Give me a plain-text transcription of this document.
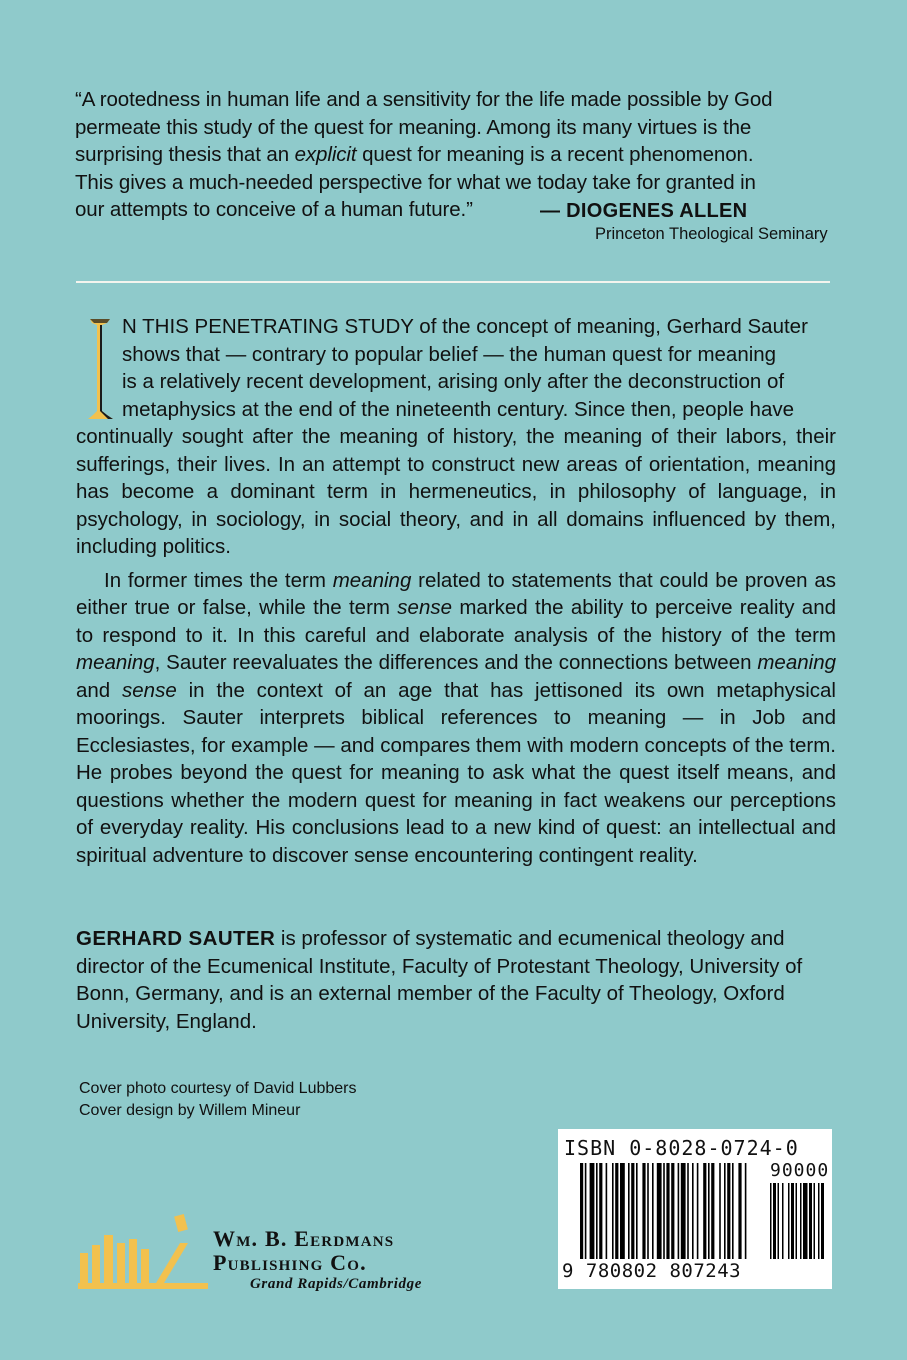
“A rootedness in human life and a sensitivity for the life made possible by God

permeate this study of the quest for meaning. Among its many virtues is the

surprising thesis that an explicit quest for meaning is a recent phenomenon.

This gives a much-needed perspective for what we today take for granted in

our attempts to conceive of a human future.”	— DIOGENES ALLEN
Princeton Theological Seminary
N THIS PENETRATING STUDY of the concept of meaning, Gerhard Sauter
shows that — contrary to popular belief — the human quest for meaning
is a relatively recent development, arising only after the deconstruction of
metaphysics at the end of the nineteenth century. Since then, people have

continually sought after the meaning of history, the meaning of their labors, their sufferings, their lives. In an attempt to construct new areas of orientation, meaning has become a dominant term in hermeneutics, in philosophy of language, in psychology, in sociology, in social theory, and in all domains influenced by them, including politics.

In former times the term meaning related to statements that could be proven as either true or false, while the term sense marked the ability to perceive reality and to respond to it. In this careful and elaborate analysis of the history of the term meaning, Sauter reevaluates the differences and the connections between meaning and sense in the context of an age that has jettisoned its own metaphysical moorings. Sauter interprets biblical references to meaning — in Job and Ecclesiastes, for example — and compares them with modern concepts of the term. He probes beyond the quest for meaning to ask what the quest itself means, and questions whether the modern quest for meaning in fact weakens our perceptions of everyday reality. His conclusions lead to a new kind of quest: an intellectual and spiritual adventure to discover sense encountering contingent reality.

GERHARD SAUTER is professor of systematic and ecumenical theology and director of the Ecumenical Institute, Faculty of Protestant Theology, University of Bonn, Germany, and is an external member of the Faculty of Theology, Oxford University, England.
Cover photo courtesy of David Lubbers
Cover design by Willem Mineur
ISBN 0-8028-0724-0
90000
9 780802 807243
Wm. B. Eerdmans
Publishing Co.
Grand Rapids/Cambridge
